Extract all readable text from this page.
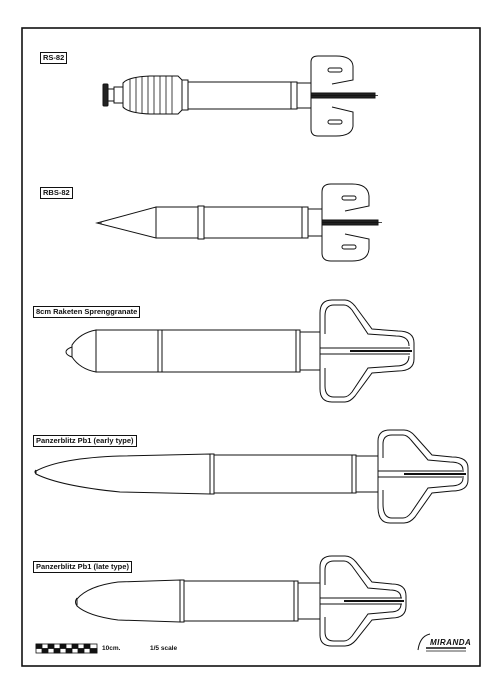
RS-82
RBS-82
8cm Raketen Sprenggranate
Panzerblitz Pb1 (early type)
Panzerblitz Pb1 (late type)
10cm.	1/5 scale
MIRANDA
